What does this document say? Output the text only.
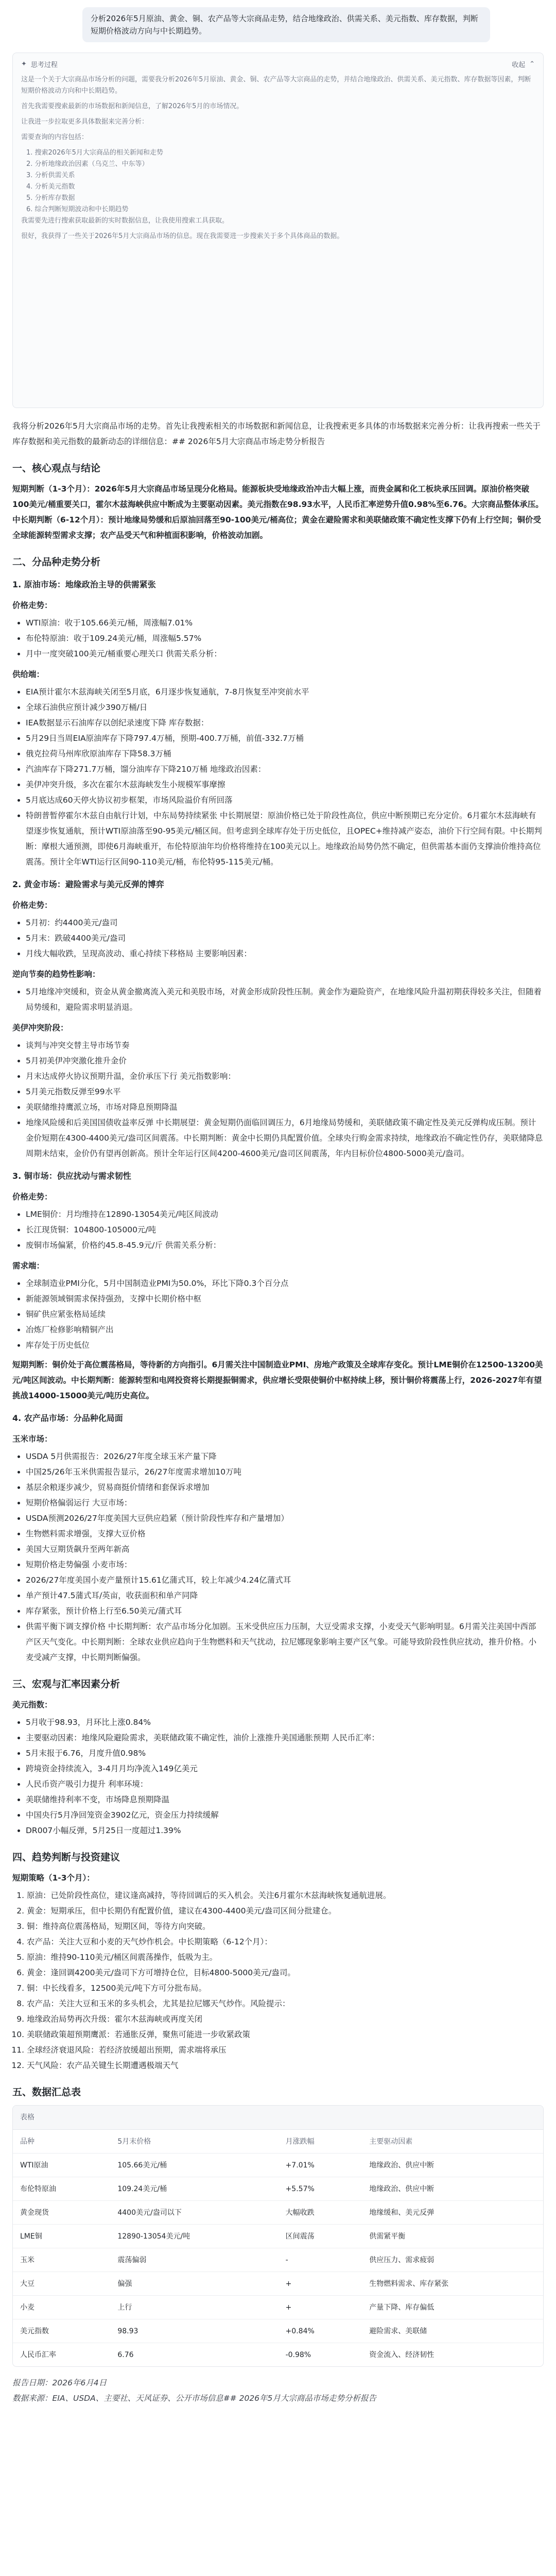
分析2026年5月原油、黄金、铜、农产品等大宗商品走势，结合地缘政治、供需关系、美元指数、库存数据，判断短期价格波动方向与中长期趋势。
✦ 思考过程	收起 ⌃

这是一个关于大宗商品市场分析的问题，需要我分析2026年5月原油、黄金、铜、农产品等大宗商品的走势，并结合地缘政治、供需关系、美元指数、库存数据等因素，判断短期价格波动方向和中长期趋势。

首先我需要搜索最新的市场数据和新闻信息，了解2026年5月的市场情况。

让我进一步拉取更多具体数据来完善分析：

需要查询的内容包括：

1. 搜索2026年5月大宗商品的相关新闻和走势

2. 分析地缘政治因素（乌克兰、中东等）

3. 分析供需关系

4. 分析美元指数

5. 分析库存数据

6. 综合判断短期波动和中长期趋势

我需要先进行搜索获取最新的实时数据信息，让我使用搜索工具获取。

很好，我获得了一些关于2026年5月大宗商品市场的信息。现在我需要进一步搜索关于多个具体商品的数据。

我将分析2026年5月大宗商品市场的走势。首先让我搜索相关的市场数据和新闻信息，让我搜索更多具体的市场数据来完善分析：让我再搜索一些关于库存数据和美元指数的最新动态的详细信息：## 2026年5月大宗商品市场走势分析报告

一、核心观点与结论

短期判断（1-3个月）：2026年5月大宗商品市场呈现分化格局。能源板块受地缘政治冲击大幅上涨，而贵金属和化工板块承压回调。原油价格突破100美元/桶重要关口，霍尔木兹海峡供应中断成为主要驱动因素。美元指数在98.93水平，人民币汇率逆势升值0.98%至6.76。大宗商品整体承压。中长期判断（6-12个月）：预计地缘局势缓和后原油回落至90-100美元/桶高位；黄金在避险需求和美联储政策不确定性支撑下仍有上行空间；铜价受全球能源转型需求支撑；农产品受天气和种植面积影响，价格波动加剧。

二、分品种走势分析
1. 原油市场：地缘政治主导的供需紧张
价格走势：
• WTI原油：收于105.66美元/桶，周涨幅7.01%
• 布伦特原油：收于109.24美元/桶，周涨幅5.57%
• 月中一度突破100美元/桶重要心理关口 供需关系分析：
供给端：
• EIA预计霍尔木兹海峡关闭至5月底，6月逐步恢复通航，7-8月恢复至冲突前水平
• 全球石油供应预计减少390万桶/日
• IEA数据显示石油库存以创纪录速度下降 库存数据：
• 5月29日当周EIA原油库存下降797.4万桶，预期-400.7万桶，前值-332.7万桶
• 俄克拉荷马州库欣原油库存下降58.3万桶
• 汽油库存下降271.7万桶，馏分油库存下降210万桶 地缘政治因素：
• 美伊冲突升级，多次在霍尔木兹海峡发生小规模军事摩擦
• 5月底达成60天停火协议初步框架，市场风险溢价有所回落
• 特朗普暂停霍尔木兹自由航行计划，中东局势持续紧张 中长期展望：原油价格已处于阶段性高位，供应中断预期已充分定价。6月霍尔木兹海峡有望逐步恢复通航，预计WTI原油落至90-95美元/桶区间。但考虑到全球库存处于历史低位，且OPEC+维持减产姿态，油价下行空间有限。中长期判断：摩根大通预测，即使6月海峡重开，布伦特原油年均价格将维持在100美元以上。地缘政治局势仍然不确定，但供需基本面仍支撑油价维持高位震荡。预计全年WTI运行区间90-110美元/桶，布伦特95-115美元/桶。
2. 黄金市场：避险需求与美元反弹的博弈
价格走势：
• 5月初：约4400美元/盎司
• 5月末：跌破4400美元/盎司
• 月线大幅收跌，呈现高波动、重心持续下移格局 主要影响因素：
逆向节奏的趋势性影响：
• 5月地缘冲突缓和，资金从黄金撤离流入美元和美股市场，对黄金形成阶段性压制。黄金作为避险资产，在地缘风险升温初期获得较多关注，但随着局势缓和，避险需求明显消退。
美伊冲突阶段：
• 谈判与冲突交替主导市场节奏
• 5月初美伊冲突激化推升金价
• 月末达成停火协议预期升温，金价承压下行 美元指数影响：
• 5月美元指数反弹至99水平
• 美联储维持鹰派立场，市场对降息预期降温
• 地缘风险缓和后美国国债收益率反弹 中长期展望：黄金短期仍面临回调压力，6月地缘局势缓和，美联储政策不确定性及美元反弹构成压制。预计金价短期在4300-4400美元/盎司区间震荡。中长期判断：黄金中长期仍具配置价值。全球央行购金需求持续，地缘政治不确定性仍存，美联储降息周期未结束，金价仍有望再创新高。预计全年运行区间4200-4600美元/盎司区间震荡，年内目标价位4800-5000美元/盎司。
3. 铜市场：供应扰动与需求韧性
价格走势：
• LME铜价：月均维持在12890-13054美元/吨区间波动
• 长江现货铜：104800-105000元/吨
• 废铜市场偏紧，价格约45.8-45.9元/斤 供需关系分析：
需求端：
• 全球制造业PMI分化，5月中国制造业PMI为50.0%，环比下降0.3个百分点
• 新能源领域铜需求保持强劲，支撑中长期价格中枢
• 铜矿供应紧张格局延续
• 冶炼厂检修影响精铜产出
• 库存处于历史低位

短期判断：铜价处于高位震荡格局，等待新的方向指引。6月需关注中国制造业PMI、房地产政策及全球库存变化。预计LME铜价在12500-13200美元/吨区间波动。中长期判断：能源转型和电网投资将长期提振铜需求，供应增长受限使铜价中枢持续上移，预计铜价将震荡上行，2026-2027年有望挑战14000-15000美元/吨历史高位。

4. 农产品市场：分品种化局面
玉米市场：
• USDA 5月供需报告：2026/27年度全球玉米产量下降
• 中国25/26年玉米供需报告显示，26/27年度需求增加10万吨
• 基层余粮逐步减少，贸易商挺价情绪和套保诉求增加
• 短期价格偏弱运行 大豆市场：
• USDA预测2026/27年度美国大豆供应趋紧（预计阶段性库存和产量增加）
• 生物燃料需求增强，支撑大豆价格
• 美国大豆期货飙升至两年新高
• 短期价格走势偏强 小麦市场：
• 2026/27年度美国小麦产量预计15.61亿蒲式耳，较上年减少4.24亿蒲式耳
• 单产预计47.5蒲式耳/英亩，收获面积和单产同降
• 库存紧张，预计价格上行至6.50美元/蒲式耳
• 供需平衡下调支撑价格 中长期判断：农产品市场分化加剧。玉米受供应压力压制，大豆受需求支撑，小麦受天气影响明显。6月需关注美国中西部产区天气变化。中长期判断：全球农业供应趋向于生物燃料和天气扰动，拉尼娜现象影响主要产区气象。可能导致阶段性供应扰动，推升价格。小麦受减产支撑，中长期判断偏强。
三、宏观与汇率因素分析
美元指数：
• 5月收于98.93，月环比上涨0.84%
• 主要驱动因素：地缘风险避险需求，美联储政策不确定性，油价上涨推升美国通胀预期 人民币汇率：
• 5月末报于6.76，月度升值0.98%
• 跨境资金持续流入，3-4月月均净流入149亿美元
• 人民币资产吸引力提升 利率环境：
• 美联储维持利率不变，市场降息预期降温
• 中国央行5月净回笼资金3902亿元，资金压力持续缓解
• DR007小幅反弹，5月25日一度超过1.39%
四、趋势判断与投资建议
短期策略（1-3个月）：
1. 原油：已处阶段性高位，建议逢高减持，等待回调后的买入机会。关注6月霍尔木兹海峡恢复通航进展。
2. 黄金：短期承压，但中长期仍有配置价值，建议在4300-4400美元/盎司区间分批建仓。
3. 铜：维持高位震荡格局，短期区间，等待方向突破。
4. 农产品：关注大豆和小麦的天气炒作机会。中长期策略（6-12个月）：
5. 原油：维持90-110美元/桶区间震荡操作，低吸为主。
6. 黄金：逢回调4200美元/盎司下方可增持仓位，目标4800-5000美元/盎司。
7. 铜：中长线看多，12500美元/吨下方可分批布局。
8. 农产品：关注大豆和玉米的多头机会，尤其是拉尼娜天气炒作。风险提示：
9. 地缘政治局势再次升级：霍尔木兹海峡或再度关闭
10. 美联储政策超预期鹰派：若通胀反弹，聚焦可能进一步收紧政策
11. 全球经济衰退风险：若经济放缓超出预期，需求端将承压
12. 天气风险：农产品关键生长期遭遇极端天气
五、数据汇总表
表格
品种	5月末价格	月涨跌幅	主要驱动因素
WTI原油	105.66美元/桶	+7.01%	地缘政治、供应中断
布伦特原油	109.24美元/桶	+5.57%	地缘政治、供应中断
黄金现货	4400美元/盎司以下	大幅收跌	地缘缓和、美元反弹
LME铜	12890-13054美元/吨	区间震荡	供需紧平衡
玉米	震荡偏弱	-	供应压力、需求疲弱
大豆	偏强	+	生物燃料需求、库存紧张
小麦	上行	+	产量下降、库存偏低
美元指数	98.93	+0.84%	避险需求、美联储
人民币汇率	6.76	-0.98%	资金流入、经济韧性

报告日期：2026年6月4日

数据来源：EIA、USDA、主要社、天风证券、公开市场信息## 2026年5月大宗商品市场走势分析报告
